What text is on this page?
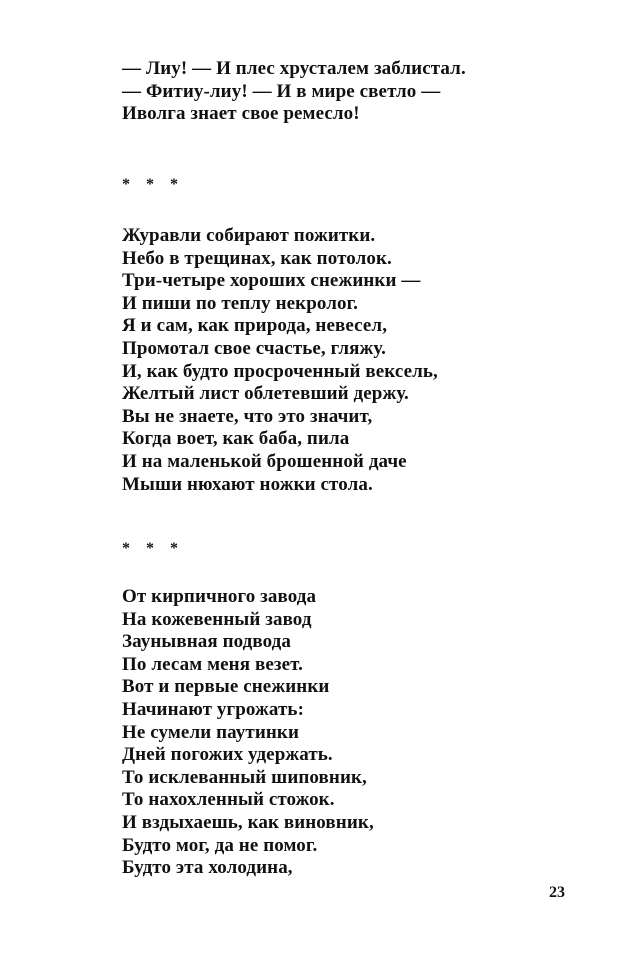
— Лиу! — И плес хрусталем заблистал.
— Фитиу-лиу! — И в мире светло —
Иволга знает свое ремесло!
* * *
Журавли собирают пожитки.
Небо в трещинах, как потолок.
Три-четыре хороших снежинки —
И пиши по теплу некролог.
Я и сам, как природа, невесел,
Промотал свое счастье, гляжу.
И, как будто просроченный вексель,
Желтый лист облетевший держу.
Вы не знаете, что это значит,
Когда воет, как баба, пила
И на маленькой брошенной даче
Мыши нюхают ножки стола.
* * *
От кирпичного завода
На кожевенный завод
Заунывная подвода
По лесам меня везет.
Вот и первые снежинки
Начинают угрожать:
Не сумели паутинки
Дней погожих удержать.
То исклеванный шиповник,
То нахохленный стожок.
И вздыхаешь, как виновник,
Будто мог, да не помог.
Будто эта холодина,
23
